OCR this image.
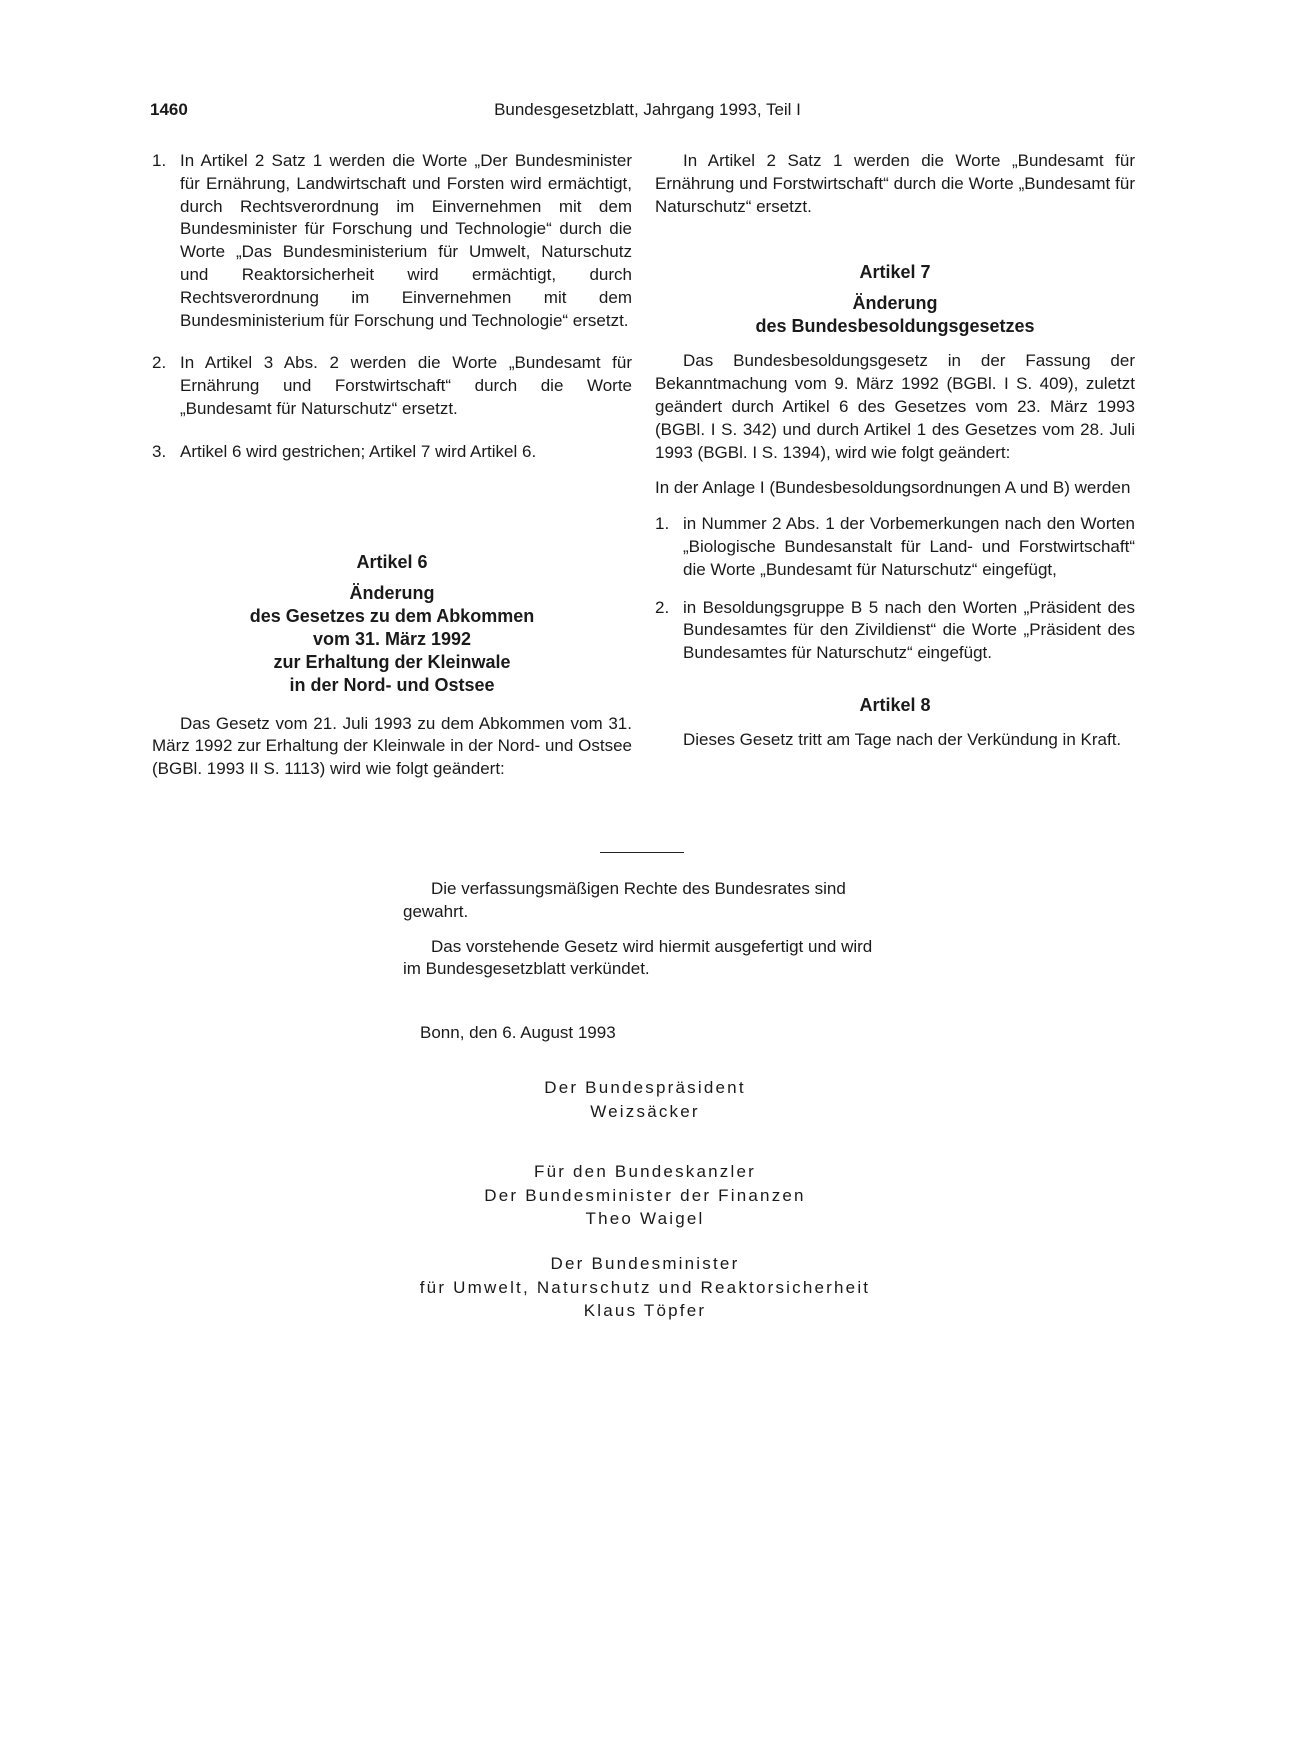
1460	Bundesgesetzblatt, Jahrgang 1993, Teil I
1. In Artikel 2 Satz 1 werden die Worte „Der Bundesminister für Ernährung, Landwirtschaft und Forsten wird ermächtigt, durch Rechtsverordnung im Einvernehmen mit dem Bundesminister für Forschung und Technologie“ durch die Worte „Das Bundesministerium für Umwelt, Naturschutz und Reaktorsicherheit wird ermächtigt, durch Rechtsverordnung im Einvernehmen mit dem Bundesministerium für Forschung und Technologie“ ersetzt.
2. In Artikel 3 Abs. 2 werden die Worte „Bundesamt für Ernährung und Forstwirtschaft“ durch die Worte „Bundesamt für Naturschutz“ ersetzt.
3. Artikel 6 wird gestrichen; Artikel 7 wird Artikel 6.
Artikel 6
Änderung
des Gesetzes zu dem Abkommen
vom 31. März 1992
zur Erhaltung der Kleinwale
in der Nord- und Ostsee

Das Gesetz vom 21. Juli 1993 zu dem Abkommen vom 31. März 1992 zur Erhaltung der Kleinwale in der Nord- und Ostsee (BGBl. 1993 II S. 1113) wird wie folgt geändert:

In Artikel 2 Satz 1 werden die Worte „Bundesamt für Ernährung und Forstwirtschaft“ durch die Worte „Bundesamt für Naturschutz“ ersetzt.

Artikel 7
Änderung
des Bundesbesoldungsgesetzes

Das Bundesbesoldungsgesetz in der Fassung der Bekanntmachung vom 9. März 1992 (BGBl. I S. 409), zuletzt geändert durch Artikel 6 des Gesetzes vom 23. März 1993 (BGBl. I S. 342) und durch Artikel 1 des Gesetzes vom 28. Juli 1993 (BGBl. I S. 1394), wird wie folgt geändert:

In der Anlage I (Bundesbesoldungsordnungen A und B) werden

1. in Nummer 2 Abs. 1 der Vorbemerkungen nach den Worten „Biologische Bundesanstalt für Land- und Forstwirtschaft“ die Worte „Bundesamt für Naturschutz“ eingefügt,
2. in Besoldungsgruppe B 5 nach den Worten „Präsident des Bundesamtes für den Zivildienst“ die Worte „Präsident des Bundesamtes für Naturschutz“ eingefügt.
Artikel 8

Dieses Gesetz tritt am Tage nach der Verkündung in Kraft.

Die verfassungsmäßigen Rechte des Bundesrates sind gewahrt.

Das vorstehende Gesetz wird hiermit ausgefertigt und wird im Bundesgesetzblatt verkündet.

Bonn, den 6. August 1993
Der Bundespräsident
Weizsäcker
Für den Bundeskanzler
Der Bundesminister der Finanzen
Theo Waigel
Der Bundesminister
für Umwelt, Naturschutz und Reaktorsicherheit
Klaus Töpfer
